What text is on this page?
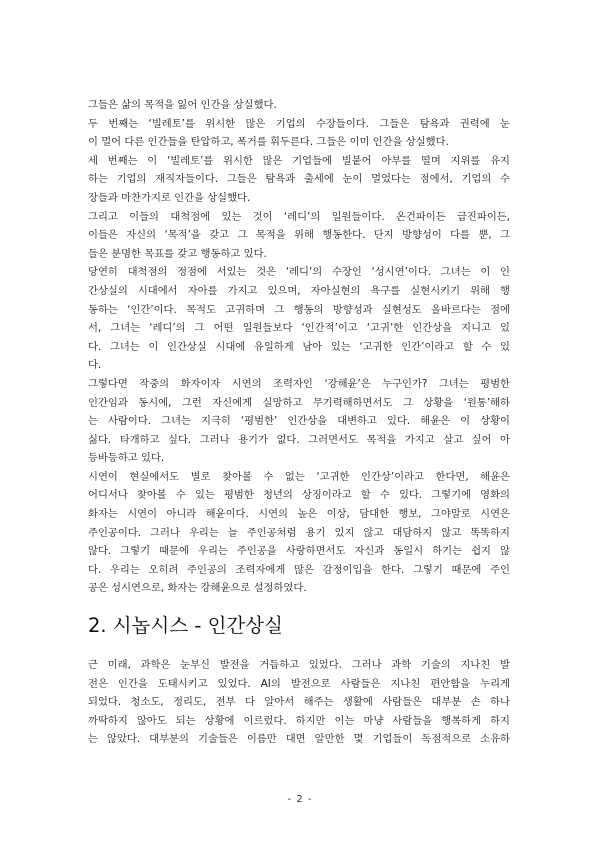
그들은 삶의 목적을 잃어 인간을 상실했다.
두 번째는 ‘빌레토’를 위시한 많은 기업의 수장들이다. 그들은 탐욕과 권력에 눈
이 멀어 다른 인간들을 탄압하고, 폭거를 휘두른다. 그들은 이미 인간을 상실했다.
세 번째는 이 ‘빌레토’를 위시한 많은 기업들에 빌붙어 아부를 떨며 지위를 유지
하는 기업의 재직자들이다. 그들은 탐욕과 출세에 눈이 멀었다는 점에서, 기업의 수
장들과 마찬가지로 인간을 상실했다.
그리고 이들의 대척점에 있는 것이 ‘레디’의 일원들이다. 온건파이든 급진파이든,
이들은 자신의 ‘목적’을 갖고 그 목적을 위해 행동한다. 단지 방향성이 다를 뿐, 그
들은 분명한 목표를 갖고 행동하고 있다.
당연히 대척점의 정점에 서있는 것은 ‘레디’의 수장인 ‘성시연’이다. 그녀는 이 인
간상실의 시대에서 자아를 가지고 있으며, 자아실현의 욕구를 실현시키기 위해 행
동하는 ‘인간’이다. 목적도 고귀하며 그 행동의 방향성과 실현성도 올바르다는 점에
서, 그녀는 ‘레디’의 그 어떤 일원들보다 ‘인간적’이고 ‘고귀’한 인간상을 지니고 있
다. 그녀는 이 인간상실 시대에 유일하게 남아 있는 ‘고귀한 인간’이라고 할 수 있
다.
그렇다면 작중의 화자이자 시연의 조력자인 ‘강해윤’은 누구인가? 그녀는 평범한
인간임과 동시에, 그런 자신에게 실망하고 무기력해하면서도 그 상황을 ‘원통’해하
는 사람이다. 그녀는 지극히 ‘평범한’ 인간상을 대변하고 있다. 해윤은 이 상황이
싫다. 타개하고 싶다. 그러나 용기가 없다. 그러면서도 목적을 가지고 살고 싶어 아
등바등하고 있다.
시연이 현실에서도 별로 찾아볼 수 없는 ‘고귀한 인간상’이라고 한다면, 해윤은
어디서나 찾아볼 수 있는 평범한 청년의 상징이라고 할 수 있다. 그렇기에 영화의
화자는 시연이 아니라 해윤이다. 시연의 높은 이상, 담대한 행보, 그야말로 시연은
주인공이다. 그러나 우리는 늘 주인공처럼 용기 있지 않고 대담하지 않고 똑똑하지
않다. 그렇기 때문에 우리는 주인공을 사랑하면서도 자신과 동일시 하기는 쉽지 않
다. 우리는 오히려 주인공의 조력자에게 많은 감정이입을 한다. 그렇기 때문에 주인
공은 성시연으로, 화자는 강해윤으로 설정하였다.
2. 시놉시스 - 인간상실
근 미래, 과학은 눈부신 발전을 거듭하고 있었다. 그러나 과학 기술의 지나친 발
전은 인간을 도태시키고 있었다. AI의 발전으로 사람들은 지나친 편안함을 누리게
되었다. 청소도, 정리도, 전부 다 알아서 해주는 생활에 사람들은 대부분 손 하나
까딱하지 않아도 되는 상황에 이르렀다. 하지만 이는 마냥 사람들을 행복하게 하지
는 않았다. 대부분의 기술들은 이름만 대면 알만한 몇 기업들이 독점적으로 소유하
- 2 -
